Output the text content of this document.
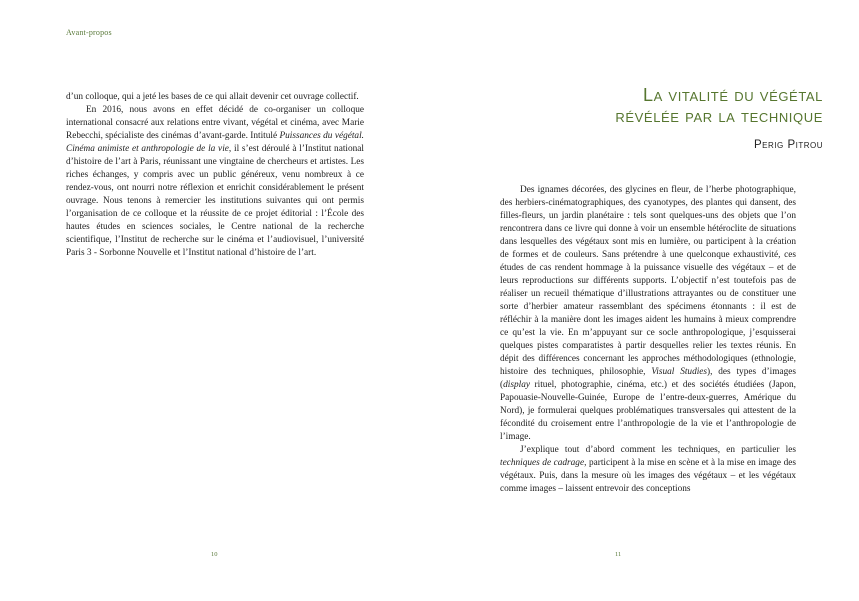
Avant-propos

d’un colloque, qui a jeté les bases de ce qui allait devenir cet ouvrage collectif.

En 2016, nous avons en effet décidé de co-organiser un colloque international consacré aux relations entre vivant, végétal et cinéma, avec Marie Rebecchi, spécialiste des cinémas d’avant-garde. Intitulé Puissances du végétal. Cinéma animiste et anthropologie de la vie, il s’est déroulé à l’Institut national d’histoire de l’art à Paris, réunissant une vingtaine de chercheurs et artistes. Les riches échanges, y compris avec un public généreux, venu nombreux à ce rendez-vous, ont nourri notre réflexion et enrichit considérablement le présent ouvrage. Nous tenons à remercier les institutions suivantes qui ont permis l’organisation de ce colloque et la réussite de ce projet éditorial : l’École des hautes études en sciences sociales, le Centre national de la recherche scientifique, l’Institut de recherche sur le cinéma et l’audiovisuel, l’université Paris 3 - Sorbonne Nouvelle et l’Institut national d’histoire de l’art.

10
La vitalité du végétal
révélée par la technique
Perig Pitrou

Des ignames décorées, des glycines en fleur, de l’herbe photographique, des herbiers-cinématographiques, des cyanotypes, des plantes qui dansent, des filles-fleurs, un jardin planétaire : tels sont quelques-uns des objets que l’on rencontrera dans ce livre qui donne à voir un ensemble hétéroclite de situations dans lesquelles des végétaux sont mis en lumière, ou participent à la création de formes et de couleurs. Sans prétendre à une quelconque exhaustivité, ces études de cas rendent hommage à la puissance visuelle des végétaux – et de leurs reproductions sur différents supports. L’objectif n’est toutefois pas de réaliser un recueil thématique d’illustrations attrayantes ou de constituer une sorte d’herbier amateur rassemblant des spécimens étonnants : il est de réfléchir à la manière dont les images aident les humains à mieux comprendre ce qu’est la vie. En m’appuyant sur ce socle anthropologique, j’esquisserai quelques pistes comparatistes à partir desquelles relier les textes réunis. En dépit des différences concernant les approches méthodologiques (ethnologie, histoire des techniques, philosophie, Visual Studies), des types d’images (display rituel, photographie, cinéma, etc.) et des sociétés étudiées (Japon, Papouasie-Nouvelle-Guinée, Europe de l’entre-deux-guerres, Amérique du Nord), je formulerai quelques problématiques transversales qui attestent de la fécondité du croisement entre l’anthropologie de la vie et l’anthropologie de l’image.

J’explique tout d’abord comment les techniques, en particulier les techniques de cadrage, participent à la mise en scène et à la mise en image des végétaux. Puis, dans la mesure où les images des végétaux – et les végétaux comme images – laissent entrevoir des conceptions

11
